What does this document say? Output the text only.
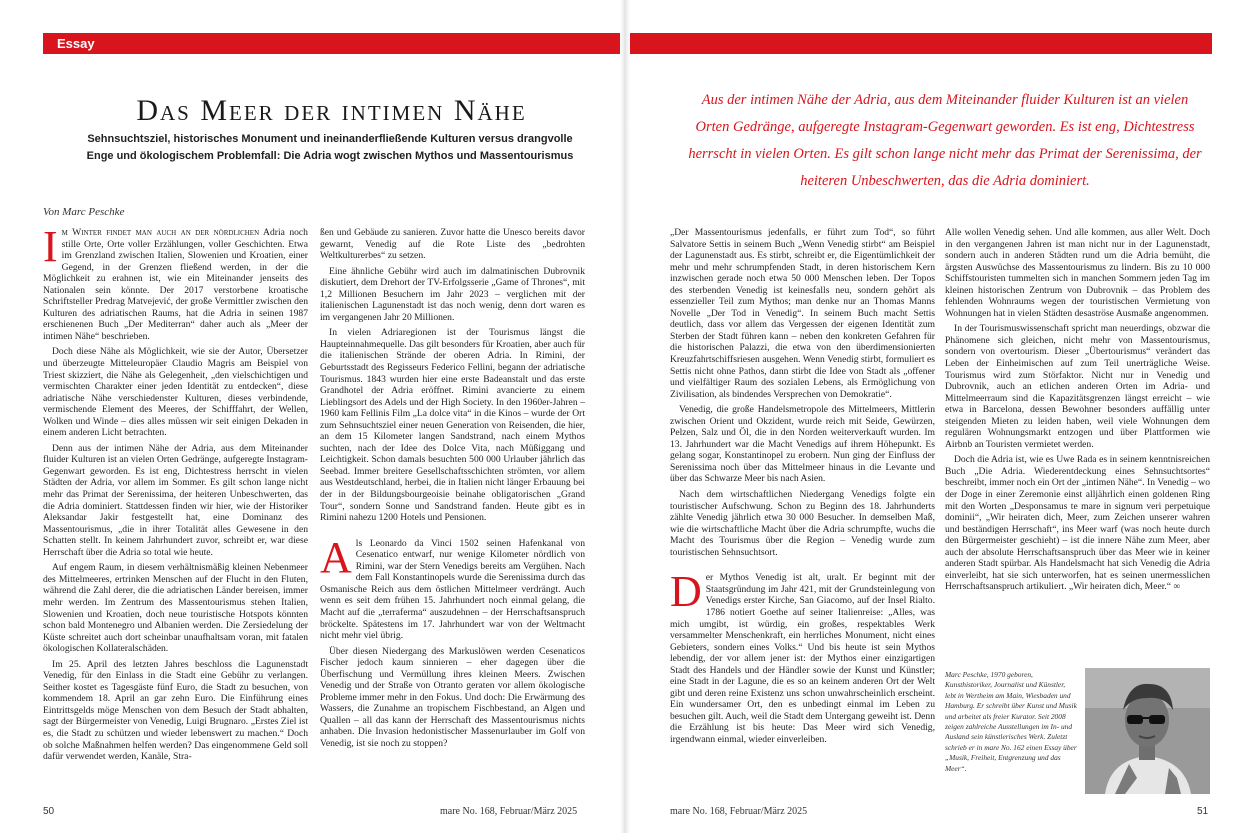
Essay
Das Meer der intimen Nähe

Sehnsuchtsziel, historisches Monument und ineinanderfließende Kulturen versus drangvolle Enge und ökologischem Problemfall: Die Adria wogt zwischen Mythos und Massentourismus

Von Marc Peschke

Im Winter findet man auch an der nördlichen Adria noch stille Orte, Orte voller Erzählungen, voller Geschichten. Etwa im Grenzland zwischen Italien, Slowenien und Kroatien, einer Gegend, in der Grenzen fließend werden, in der die Möglichkeit zu erahnen ist, wie ein Miteinander jenseits des Nationalen sein könnte. Der 2017 verstorbene kroatische Schriftsteller Predrag Matvejević, der große Vermittler zwischen den Kulturen des adriatischen Raums, hat die Adria in seinen 1987 erschienenen Buch „Der Mediterran“ daher auch als „Meer der intimen Nähe“ beschrieben.

Doch diese Nähe als Möglichkeit, wie sie der Autor, Übersetzer und überzeugte Mitteleuropäer Claudio Magris am Beispiel von Triest skizziert, die Nähe als Gelegenheit, „den vielschichtigen und vermischten Charakter einer jeden Identität zu entdecken“, diese adriatische Nähe verschiedenster Kulturen, dieses verbindende, vermischende Element des Meeres, der Schifffahrt, der Wellen, Wolken und Winde – dies alles müssen wir seit einigen Dekaden in einem anderen Licht betrachten.

Denn aus der intimen Nähe der Adria, aus dem Miteinander fluider Kulturen ist an vielen Orten Gedränge, aufgeregte Instagram-Gegenwart geworden. Es ist eng, Dichtestress herrscht in vielen Städten der Adria, vor allem im Sommer. Es gilt schon lange nicht mehr das Primat der Serenissima, der heiteren Unbeschwerten, das die Adria dominiert. Stattdessen finden wir hier, wie der Historiker Aleksandar Jakir festgestellt hat, eine Dominanz des Massentourismus, „die in ihrer Totalität alles Gewesene in den Schatten stellt. In keinem Jahrhundert zuvor, schreibt er, war diese Herrschaft über die Adria so total wie heute.

Auf engem Raum, in diesem verhältnismäßig kleinen Nebenmeer des Mittelmeeres, ertrinken Menschen auf der Flucht in den Fluten, während die Zahl derer, die die adriatischen Länder bereisen, immer mehr werden. Im Zentrum des Massentourismus stehen Italien, Slowenien und Kroatien, doch neue touristische Hotspots könnten schon bald Montenegro und Albanien werden. Die Zersiedelung der Küste schreitet auch dort scheinbar unaufhaltsam voran, mit fatalen ökologischen Kollateralschäden.

Im 25. April des letzten Jahres beschloss die Lagunenstadt Venedig, für den Einlass in die Stadt eine Gebühr zu verlangen. Seither kostet es Tagesgäste fünf Euro, die Stadt zu besuchen, von kommendem 18. April an gar zehn Euro. Die Einführung eines Eintrittsgelds möge Menschen von dem Besuch der Stadt abhalten, sagt der Bürgermeister von Venedig, Luigi Brugnaro. „Erstes Ziel ist es, die Stadt zu schützen und wieder lebenswert zu machen.“ Doch ob solche Maßnahmen helfen werden? Das eingenommene Geld soll dafür verwendet werden, Kanäle, Stra-

ßen und Gebäude zu sanieren. Zuvor hatte die Unesco bereits davor gewarnt, Venedig auf die Rote Liste des „bedrohten Weltkulturerbes“ zu setzen.

Eine ähnliche Gebühr wird auch im dalmatinischen Dubrovnik diskutiert, dem Drehort der TV-Erfolgsserie „Game of Thrones“, mit 1,2 Millionen Besuchern im Jahr 2023 – verglichen mit der italienischen Lagunenstadt ist das noch wenig, denn dort waren es im vergangenen Jahr 20 Millionen.

In vielen Adriaregionen ist der Tourismus längst die Haupteinnahmequelle. Das gilt besonders für Kroatien, aber auch für die italienischen Strände der oberen Adria. In Rimini, der Geburtsstadt des Regisseurs Federico Fellini, begann der adriatische Tourismus. 1843 wurden hier eine erste Badeanstalt und das erste Grandhotel der Adria eröffnet. Rimini avancierte zu einem Lieblingsort des Adels und der High Society. In den 1960er-Jahren – 1960 kam Fellinis Film „La dolce vita“ in die Kinos – wurde der Ort zum Sehnsuchtsziel einer neuen Generation von Reisenden, die hier, an dem 15 Kilometer langen Sandstrand, nach einem Mythos suchten, nach der Idee des Dolce Vita, nach Müßiggang und Leichtigkeit. Schon damals besuchten 500 000 Urlauber jährlich das Seebad. Immer breitere Gesellschaftsschichten strömten, vor allem aus Westdeutschland, herbei, die in Italien nicht länger Erbauung bei der in der Bildungsbourgeoisie beinahe obligatorischen „Grand Tour“, sondern Sonne und Sandstrand fanden. Heute gibt es in Rimini nahezu 1200 Hotels und Pensionen.

Als Leonardo da Vinci 1502 seinen Hafenkanal von Cesenatico entwarf, nur wenige Kilometer nördlich von Rimini, war der Stern Venedigs bereits am Vergühen. Nach dem Fall Konstantinopels wurde die Serenissima durch das Osmanische Reich aus dem östlichen Mittelmeer verdrängt. Auch wenn es seit dem frühen 15. Jahrhundert noch einmal gelang, die Macht auf die „terraferma“ auszudehnen – der Herrschaftsanspruch bröckelte. Spätestens im 17. Jahrhundert war von der Weltmacht nicht mehr viel übrig.

Über diesen Niedergang des Markuslöwen werden Cesenaticos Fischer jedoch kaum sinnieren – eher dagegen über die Überfischung und Vermüllung ihres kleinen Meers. Zwischen Venedig und der Straße von Otranto geraten vor allem ökologische Probleme immer mehr in den Fokus. Und doch: Die Erwärmung des Wassers, die Zunahme an tropischem Fischbestand, an Algen und Quallen – all das kann der Herrschaft des Massentourismus nichts anhaben. Die Invasion hedonistischer Massenurlauber im Golf von Venedig, ist sie noch zu stoppen?

50	mare No. 168, Februar/März 2025

Aus der intimen Nähe der Adria, aus dem Miteinander fluider Kulturen ist an vielen Orten Gedränge, aufgeregte Instagram-Gegenwart geworden. Es ist eng, Dichtestress herrscht in vielen Orten. Es gilt schon lange nicht mehr das Primat der Serenissima, der heiteren Unbeschwerten, das die Adria dominiert.

„Der Massentourismus jedenfalls, er führt zum Tod“, so führt Salvatore Settis in seinem Buch „Wenn Venedig stirbt“ am Beispiel der Lagunenstadt aus. Es stirbt, schreibt er, die Eigentümlichkeit der mehr und mehr schrumpfenden Stadt, in deren historischem Kern inzwischen gerade noch etwa 50 000 Menschen leben. Der Topos des sterbenden Venedig ist keinesfalls neu, sondern gehört als essenzieller Teil zum Mythos; man denke nur an Thomas Manns Novelle „Der Tod in Venedig“. In seinem Buch macht Settis deutlich, dass vor allem das Vergessen der eigenen Identität zum Sterben der Stadt führen kann – neben den konkreten Gefahren für die historischen Palazzi, die etwa von den überdimensionierten Kreuzfahrtschiffsriesen ausgehen. Wenn Venedig stirbt, formuliert es Settis nicht ohne Pathos, dann stirbt die Idee von Stadt als „offener und vielfältiger Raum des sozialen Lebens, als Ermöglichung von Zivilisation, als bindendes Versprechen von Demokratie“.

Venedig, die große Handelsmetropole des Mittelmeers, Mittlerin zwischen Orient und Okzident, wurde reich mit Seide, Gewürzen, Pelzen, Salz und Öl, die in den Norden weiterverkauft wurden. Im 13. Jahrhundert war die Macht Venedigs auf ihrem Höhepunkt. Es gelang sogar, Konstantinopel zu erobern. Nun ging der Einfluss der Serenissima noch über das Mittelmeer hinaus in die Levante und über das Schwarze Meer bis nach Asien.

Nach dem wirtschaftlichen Niedergang Venedigs folgte ein touristischer Aufschwung. Schon zu Beginn des 18. Jahrhunderts zählte Venedig jährlich etwa 30 000 Besucher. In demselben Maß, wie die wirtschaftliche Macht über die Adria schrumpfte, wuchs die Macht des Tourismus über die Region – Venedig wurde zum touristischen Sehnsuchtsort.

Der Mythos Venedig ist alt, uralt. Er beginnt mit der Staatsgründung im Jahr 421, mit der Grundsteinlegung von Venedigs erster Kirche, San Giacomo, auf der Insel Rialto. 1786 notiert Goethe auf seiner Italienreise: „Alles, was mich umgibt, ist würdig, ein großes, respektables Werk versammelter Menschenkraft, ein herrliches Monument, nicht eines Gebieters, sondern eines Volks.“ Und bis heute ist sein Mythos lebendig, der vor allem jener ist: der Mythos einer einzigartigen Stadt des Handels und der Händler sowie der Kunst und Künstler; eine Stadt in der Lagune, die es so an keinem anderen Ort der Welt gibt und deren reine Existenz uns schon unwahrscheinlich erscheint. Ein wundersamer Ort, den es unbedingt einmal im Leben zu besuchen gilt. Auch, weil die Stadt dem Untergang geweiht ist. Denn die Erzählung ist bis heute: Das Meer wird sich Venedig, irgendwann einmal, wieder einverleiben.

Alle wollen Venedig sehen. Und alle kommen, aus aller Welt. Doch in den vergangenen Jahren ist man nicht nur in der Lagunenstadt, sondern auch in anderen Städten rund um die Adria bemüht, die ärgsten Auswüchse des Massentourismus zu lindern. Bis zu 10 000 Schiffstouristen tummelten sich in manchen Sommern jeden Tag im kleinen historischen Zentrum von Dubrovnik – das Problem des fehlenden Wohnraums wegen der touristischen Vermietung von Wohnungen hat in vielen Städten desaströse Ausmaße angenommen.

In der Tourismuswissenschaft spricht man neuerdings, obzwar die Phänomene sich gleichen, nicht mehr von Massentourismus, sondern von overtourism. Dieser „Übertourismus“ verändert das Leben der Einheimischen auf zum Teil unerträgliche Weise. Tourismus wird zum Störfaktor. Nicht nur in Venedig und Dubrovnik, auch an etlichen anderen Orten im Adria- und Mittelmeerraum sind die Kapazitätsgrenzen längst erreicht – wie etwa in Barcelona, dessen Bewohner besonders auffällig unter steigenden Mieten zu leiden haben, weil viele Wohnungen dem regulären Wohnungsmarkt entzogen und über Plattformen wie Airbnb an Touristen vermietet werden.

Doch die Adria ist, wie es Uwe Rada es in seinem kenntnisreichen Buch „Die Adria. Wiederentdeckung eines Sehnsuchtsortes“ beschreibt, immer noch ein Ort der „intimen Nähe“. In Venedig – wo der Doge in einer Zeremonie einst alljährlich einen goldenen Ring mit den Worten „Desponsamus te mare in signum veri perpetuique dominii“, „Wir heiraten dich, Meer, zum Zeichen unserer wahren und beständigen Herrschaft“, ins Meer warf (was noch heute durch den Bürgermeister geschieht) – ist die innere Nähe zum Meer, aber auch der absolute Herrschaftsanspruch über das Meer wie in keiner anderen Stadt spürbar. Als Handelsmacht hat sich Venedig die Adria einverleibt, hat sie sich unterworfen, hat es seinen unermesslichen Herrschaftsanspruch artikuliert. „Wir heiraten dich, Meer.“ ∞

Marc Peschke, 1970 geboren, Kunsthistoriker, Journalist und Künstler, lebt in Wertheim am Main, Wiesbaden und Hamburg. Er schreibt über Kunst und Musik und arbeitet als freier Kurator. Seit 2008 zeigen zahlreiche Ausstellungen im In- und Ausland sein künstlerisches Werk. Zuletzt schrieb er in mare No. 162 einen Essay über „Musik, Freiheit, Entgrenzung und das Meer“.

mare No. 168, Februar/März 2025	51
